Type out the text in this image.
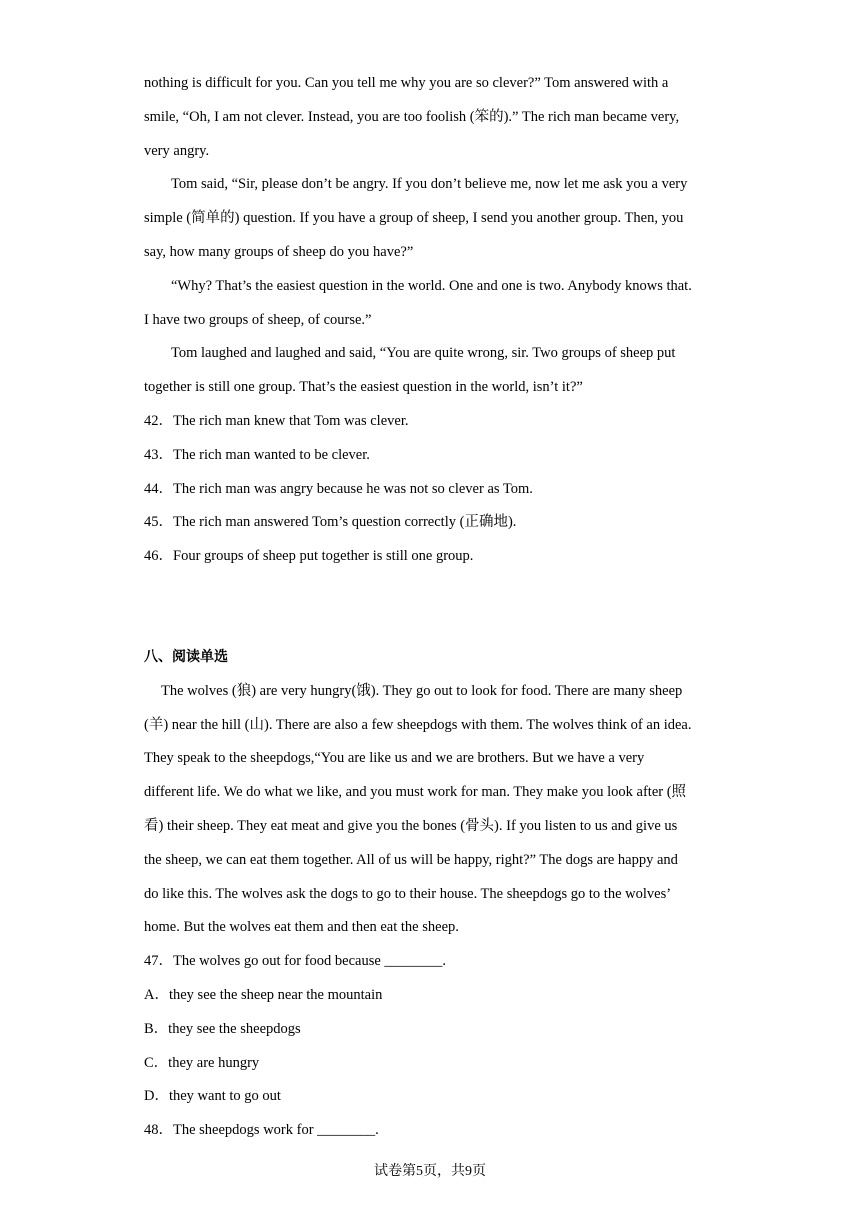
nothing is difficult for you. Can you tell me why you are so clever?” Tom answered with a
smile, “Oh, I am not clever. Instead, you are too foolish (笨的).” The rich man became very,
very angry.
Tom said, “Sir, please don’t be angry. If you don’t believe me, now let me ask you a very
simple (简单的) question. If you have a group of sheep, I send you another group. Then, you
say, how many groups of sheep do you have?”
“Why? That’s the easiest question in the world. One and one is two. Anybody knows that.
I have two groups of sheep, of course.”
Tom laughed and laughed and said, “You are quite wrong, sir. Two groups of sheep put
together is still one group. That’s the easiest question in the world, isn’t it?”
42．The rich man knew that Tom was clever.
43．The rich man wanted to be clever.
44．The rich man was angry because he was not so clever as Tom.
45．The rich man answered Tom’s question correctly (正确地).
46．Four groups of sheep put together is still one group.
八、阅读单选
The wolves (狼) are very hungry(饿). They go out to look for food. There are many sheep
(羊) near the hill (山). There are also a few sheepdogs with them. The wolves think of an idea.
They speak to the sheepdogs,“You are like us and we are brothers. But we have a very
different life. We do what we like, and you must work for man. They make you look after (照
看) their sheep. They eat meat and give you the bones (骨头). If you listen to us and give us
the sheep, we can eat them together. All of us will be happy, right?” The dogs are happy and
do like this. The wolves ask the dogs to go to their house. The sheepdogs go to the wolves’
home. But the wolves eat them and then eat the sheep.
47．The wolves go out for food because ________.
A．they see the sheep near the mountain
B．they see the sheepdogs
C．they are hungry
D．they want to go out
48．The sheepdogs work for ________.
试卷第5页，共9页
